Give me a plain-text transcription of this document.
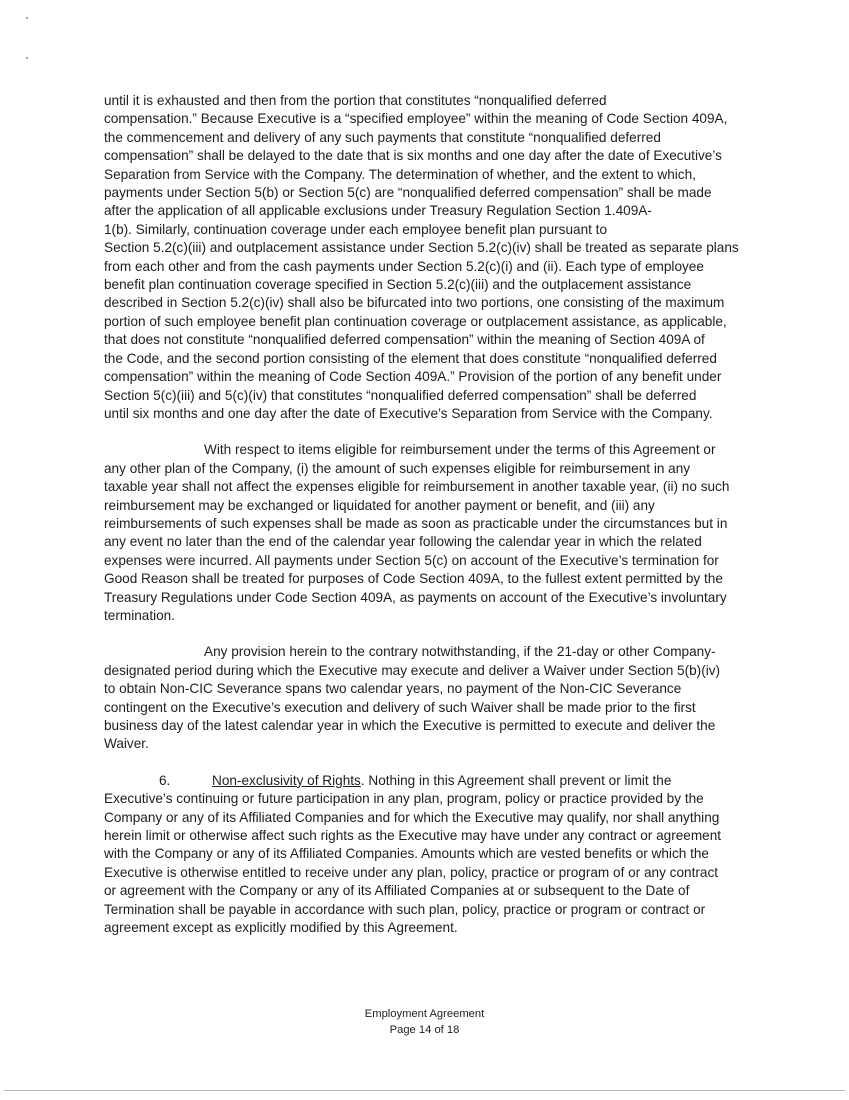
until it is exhausted and then from the portion that constitutes “nonqualified deferred
compensation.” Because Executive is a “specified employee” within the meaning of Code Section 409A,
the commencement and delivery of any such payments that constitute “nonqualified deferred
compensation” shall be delayed to the date that is six months and one day after the date of Executive’s
Separation from Service with the Company. The determination of whether, and the extent to which,
payments under Section 5(b) or Section 5(c) are “nonqualified deferred compensation” shall be made
after the application of all applicable exclusions under Treasury Regulation Section 1.409A-
1(b). Similarly, continuation coverage under each employee benefit plan pursuant to
Section 5.2(c)(iii) and outplacement assistance under Section 5.2(c)(iv) shall be treated as separate plans
from each other and from the cash payments under Section 5.2(c)(i) and (ii). Each type of employee
benefit plan continuation coverage specified in Section 5.2(c)(iii) and the outplacement assistance
described in Section 5.2(c)(iv) shall also be bifurcated into two portions, one consisting of the maximum
portion of such employee benefit plan continuation coverage or outplacement assistance, as applicable,
that does not constitute “nonqualified deferred compensation” within the meaning of Section 409A of
the Code, and the second portion consisting of the element that does constitute “nonqualified deferred
compensation” within the meaning of Code Section 409A.” Provision of the portion of any benefit under
Section 5(c)(iii) and 5(c)(iv) that constitutes “nonqualified deferred compensation” shall be deferred
until six months and one day after the date of Executive’s Separation from Service with the Company.

With respect to items eligible for reimbursement under the terms of this Agreement or
any other plan of the Company, (i) the amount of such expenses eligible for reimbursement in any
taxable year shall not affect the expenses eligible for reimbursement in another taxable year, (ii) no such
reimbursement may be exchanged or liquidated for another payment or benefit, and (iii) any
reimbursements of such expenses shall be made as soon as practicable under the circumstances but in
any event no later than the end of the calendar year following the calendar year in which the related
expenses were incurred. All payments under Section 5(c) on account of the Executive’s termination for
Good Reason shall be treated for purposes of Code Section 409A, to the fullest extent permitted by the
Treasury Regulations under Code Section 409A, as payments on account of the Executive’s involuntary
termination.

Any provision herein to the contrary notwithstanding, if the 21-day or other Company-
designated period during which the Executive may execute and deliver a Waiver under Section 5(b)(iv)
to obtain Non-CIC Severance spans two calendar years, no payment of the Non-CIC Severance
contingent on the Executive’s execution and delivery of such Waiver shall be made prior to the first
business day of the latest calendar year in which the Executive is permitted to execute and deliver the
Waiver.

6.	Non-exclusivity of Rights. Nothing in this Agreement shall prevent or limit the
Executive’s continuing or future participation in any plan, program, policy or practice provided by the
Company or any of its Affiliated Companies and for which the Executive may qualify, nor shall anything
herein limit or otherwise affect such rights as the Executive may have under any contract or agreement
with the Company or any of its Affiliated Companies. Amounts which are vested benefits or which the
Executive is otherwise entitled to receive under any plan, policy, practice or program of or any contract
or agreement with the Company or any of its Affiliated Companies at or subsequent to the Date of
Termination shall be payable in accordance with such plan, policy, practice or program or contract or
agreement except as explicitly modified by this Agreement.

Employment Agreement
Page 14 of 18
